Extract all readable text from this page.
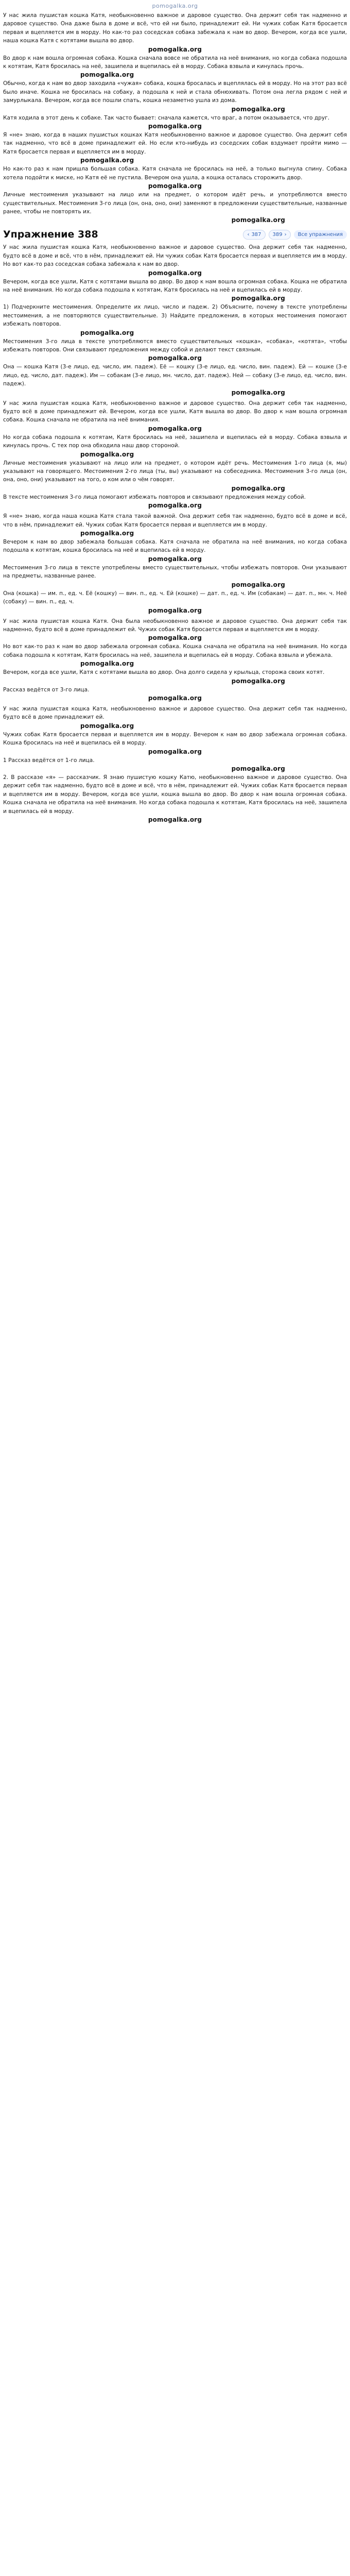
pomogalka.org

У нас жила пушистая кошка Катя, необыкновенно важное и даровое существо. Она держит себя так надменно и даровое существо. Она даже была в доме и всё, что ей ни было, принадлежит ей. Ни чужих собак Катя бросается первая и вцепляется им в морду. Но как-то раз соседская собака забежала к нам во двор. Вечером, когда все ушли, наша кошка Катя с котятами вышла во двор.

pomogalka.org

Во двор к нам вошла огромная собака. Кошка сначала вовсе не обратила на неё внимания, но когда собака подошла к котятам, Катя бросилась на неё, зашипела и вцепилась ей в морду. Собака взвыла и кинулась прочь.

pomogalka.org

Обычно, когда к нам во двор заходила «чужая» собака, кошка бросалась и вцеплялась ей в морду. Но на этот раз всё было иначе. Кошка не бросилась на собаку, а подошла к ней и стала обнюхивать. Потом она легла рядом с ней и замурлыкала. Вечером, когда все пошли спать, кошка незаметно ушла из дома.

pomogalka.org

Катя ходила в этот день к собаке. Так часто бывает: сначала кажется, что враг, а потом оказывается, что друг.

pomogalka.org

Я «не» знаю, когда в наших пушистых кошках Катя необыкновенно важное и даровое существо. Она держит себя так надменно, что всё в доме принадлежит ей. Но если кто-нибудь из соседских собак вздумает пройти мимо — Катя бросается первая и вцепляется им в морду.

pomogalka.org

Но как-то раз к нам пришла большая собака. Катя сначала не бросилась на неё, а только выгнула спину. Собака хотела подойти к миске, но Катя её не пустила. Вечером она ушла, а кошка осталась сторожить двор.

pomogalka.org

Личные местоимения указывают на лицо или на предмет, о котором идёт речь, и употребляются вместо существительных. Местоимения 3-го лица (он, она, оно, они) заменяют в предложении существительные, названные ранее, чтобы не повторять их.

pomogalka.org
Упражнение 388	‹ 387 389 ›	Все упражнения

У нас жила пушистая кошка Катя, необыкновенно важное и даровое существо. Она держит себя так надменно, будто всё в доме и всё, что в нём, принадлежит ей. Ни чужих собак Катя бросается первая и вцепляется им в морду. Но вот как-то раз соседская собака забежала к нам во двор.

pomogalka.org

Вечером, когда все ушли, Катя с котятами вышла во двор. Во двор к нам вошла огромная собака. Кошка не обратила на неё внимания. Но когда собака подошла к котятам, Катя бросилась на неё и вцепилась ей в морду.

pomogalka.org

1) Подчеркните местоимения. Определите их лицо, число и падеж. 2) Объясните, почему в тексте употреблены местоимения, а не повторяются существительные. 3) Найдите предложения, в которых местоимения помогают избежать повторов.

pomogalka.org

Местоимения 3-го лица в тексте употребляются вместо существительных «кошка», «собака», «котята», чтобы избежать повторов. Они связывают предложения между собой и делают текст связным.

pomogalka.org

Она — кошка Катя (3-е лицо, ед. число, им. падеж). Её — кошку (3-е лицо, ед. число, вин. падеж). Ей — кошке (3-е лицо, ед. число, дат. падеж). Им — собакам (3-е лицо, мн. число, дат. падеж). Ней — собаку (3-е лицо, ед. число, вин. падеж).

pomogalka.org

У нас жила пушистая кошка Катя, необыкновенно важное и даровое существо. Она держит себя так надменно, будто всё в доме принадлежит ей. Вечером, когда все ушли, Катя вышла во двор. Во двор к нам вошла огромная собака. Кошка сначала не обратила на неё внимания.

pomogalka.org

Но когда собака подошла к котятам, Катя бросилась на неё, зашипела и вцепилась ей в морду. Собака взвыла и кинулась прочь. С тех пор она обходила наш двор стороной.

pomogalka.org

Личные местоимения указывают на лицо или на предмет, о котором идёт речь. Местоимения 1-го лица (я, мы) указывают на говорящего. Местоимения 2-го лица (ты, вы) указывают на собеседника. Местоимения 3-го лица (он, она, оно, они) указывают на того, о ком или о чём говорят.

pomogalka.org

В тексте местоимения 3-го лица помогают избежать повторов и связывают предложения между собой.

pomogalka.org

Я «не» знаю, когда наша кошка Катя стала такой важной. Она держит себя так надменно, будто всё в доме и всё, что в нём, принадлежит ей. Чужих собак Катя бросается первая и вцепляется им в морду.

pomogalka.org

Вечером к нам во двор забежала большая собака. Катя сначала не обратила на неё внимания, но когда собака подошла к котятам, кошка бросилась на неё и вцепилась ей в морду.

pomogalka.org

Местоимения 3-го лица в тексте употреблены вместо существительных, чтобы избежать повторов. Они указывают на предметы, названные ранее.

pomogalka.org

Она (кошка) — им. п., ед. ч. Её (кошку) — вин. п., ед. ч. Ей (кошке) — дат. п., ед. ч. Им (собакам) — дат. п., мн. ч. Неё (собаку) — вин. п., ед. ч.

pomogalka.org

У нас жила пушистая кошка Катя. Она была необыкновенно важное и даровое существо. Она держит себя так надменно, будто всё в доме принадлежит ей. Чужих собак Катя бросается первая и вцепляется им в морду.

pomogalka.org

Но вот как-то раз к нам во двор забежала огромная собака. Кошка сначала не обратила на неё внимания. Но когда собака подошла к котятам, Катя бросилась на неё, зашипела и вцепилась ей в морду. Собака взвыла и убежала.

pomogalka.org

Вечером, когда все ушли, Катя с котятами вышла во двор. Она долго сидела у крыльца, сторожа своих котят.

pomogalka.org

Рассказ ведётся от 3-го лица.

pomogalka.org

У нас жила пушистая кошка Катя, необыкновенно важное и даровое существо. Она держит себя так надменно, будто всё в доме принадлежит ей.

pomogalka.org

Чужих собак Катя бросается первая и вцепляется им в морду. Вечером к нам во двор забежала огромная собака. Кошка бросилась на неё и вцепилась ей в морду.

pomogalka.org

1 Рассказ ведётся от 1-го лица.

pomogalka.org

2. В рассказе «я» — рассказчик. Я знаю пушистую кошку Катю, необыкновенно важное и даровое существо. Она держит себя так надменно, будто всё в доме и всё, что в нём, принадлежит ей. Чужих собак Катя бросается первая и вцепляется им в морду. Вечером, когда все ушли, кошка вышла во двор. Во двор к нам вошла огромная собака. Кошка сначала не обратила на неё внимания. Но когда собака подошла к котятам, Катя бросилась на неё, зашипела и вцепилась ей в морду.

pomogalka.org
